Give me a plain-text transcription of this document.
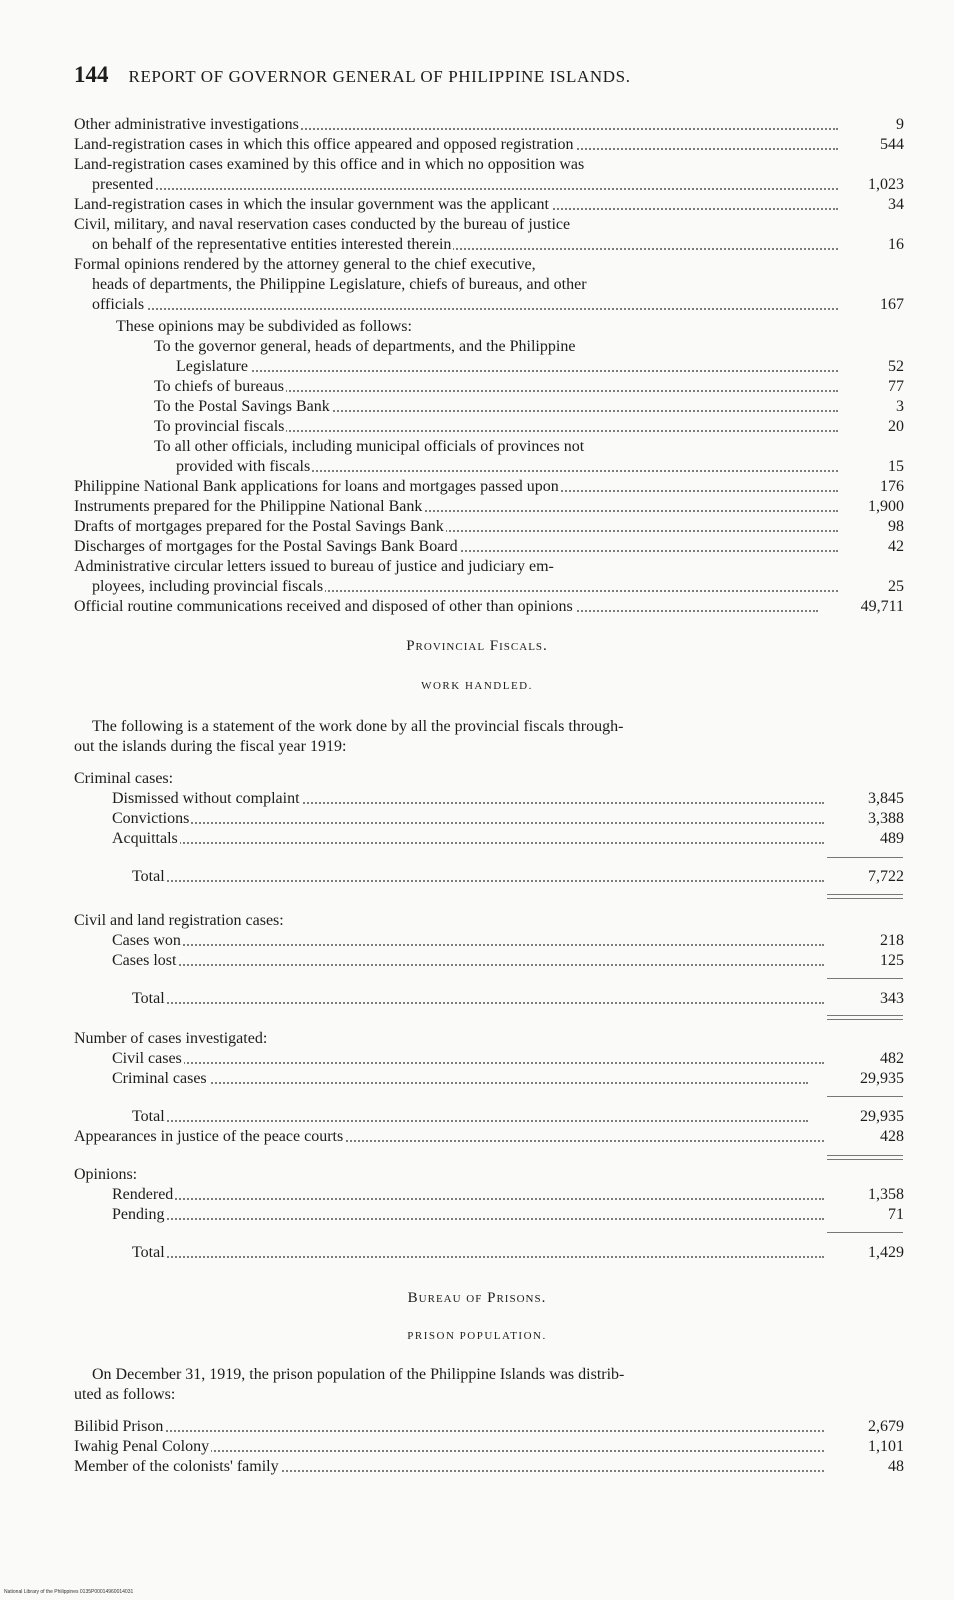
144 REPORT OF GOVERNOR GENERAL OF PHILIPPINE ISLANDS.
Other administrative investigations	9
Land-registration cases in which this office appeared and opposed registration	544
Land-registration cases examined by this office and in which no opposition was
presented	1,023
Land-registration cases in which the insular government was the applicant	34
Civil, military, and naval reservation cases conducted by the bureau of justice
on behalf of the representative entities interested therein	16
Formal opinions rendered by the attorney general to the chief executive,
heads of departments, the Philippine Legislature, chiefs of bureaus, and other
officials	167
These opinions may be subdivided as follows:
To the governor general, heads of departments, and the Philippine
Legislature	52
To chiefs of bureaus	77
To the Postal Savings Bank	3
To provincial fiscals	20
To all other officials, including municipal officials of provinces not
provided with fiscals	15
Philippine National Bank applications for loans and mortgages passed upon	176
Instruments prepared for the Philippine National Bank	1,900
Drafts of mortgages prepared for the Postal Savings Bank	98
Discharges of mortgages for the Postal Savings Bank Board	42
Administrative circular letters issued to bureau of justice and judiciary em-
ployees, including provincial fiscals	25
Official routine communications received and disposed of other than opinions	49,711
Provincial Fiscals.
WORK HANDLED.
The following is a statement of the work done by all the provincial fiscals through-
out the islands during the fiscal year 1919:
Criminal cases:
Dismissed without complaint	3,845
Convictions	3,388
Acquittals	489
Total	7,722
Civil and land registration cases:
Cases won	218
Cases lost	125
Total	343
Number of cases investigated:
Civil cases	482
Criminal cases	29,935
Total	29,935
Appearances in justice of the peace courts	428
Opinions:
Rendered	1,358
Pending	71
Total	1,429
Bureau of Prisons.
PRISON POPULATION.
On December 31, 1919, the prison population of the Philippine Islands was distrib-
uted as follows:
Bilibid Prison	2,679
Iwahig Penal Colony	1,101
Member of the colonists' family	48
National Library of the Philippines 0135P00014960014031
